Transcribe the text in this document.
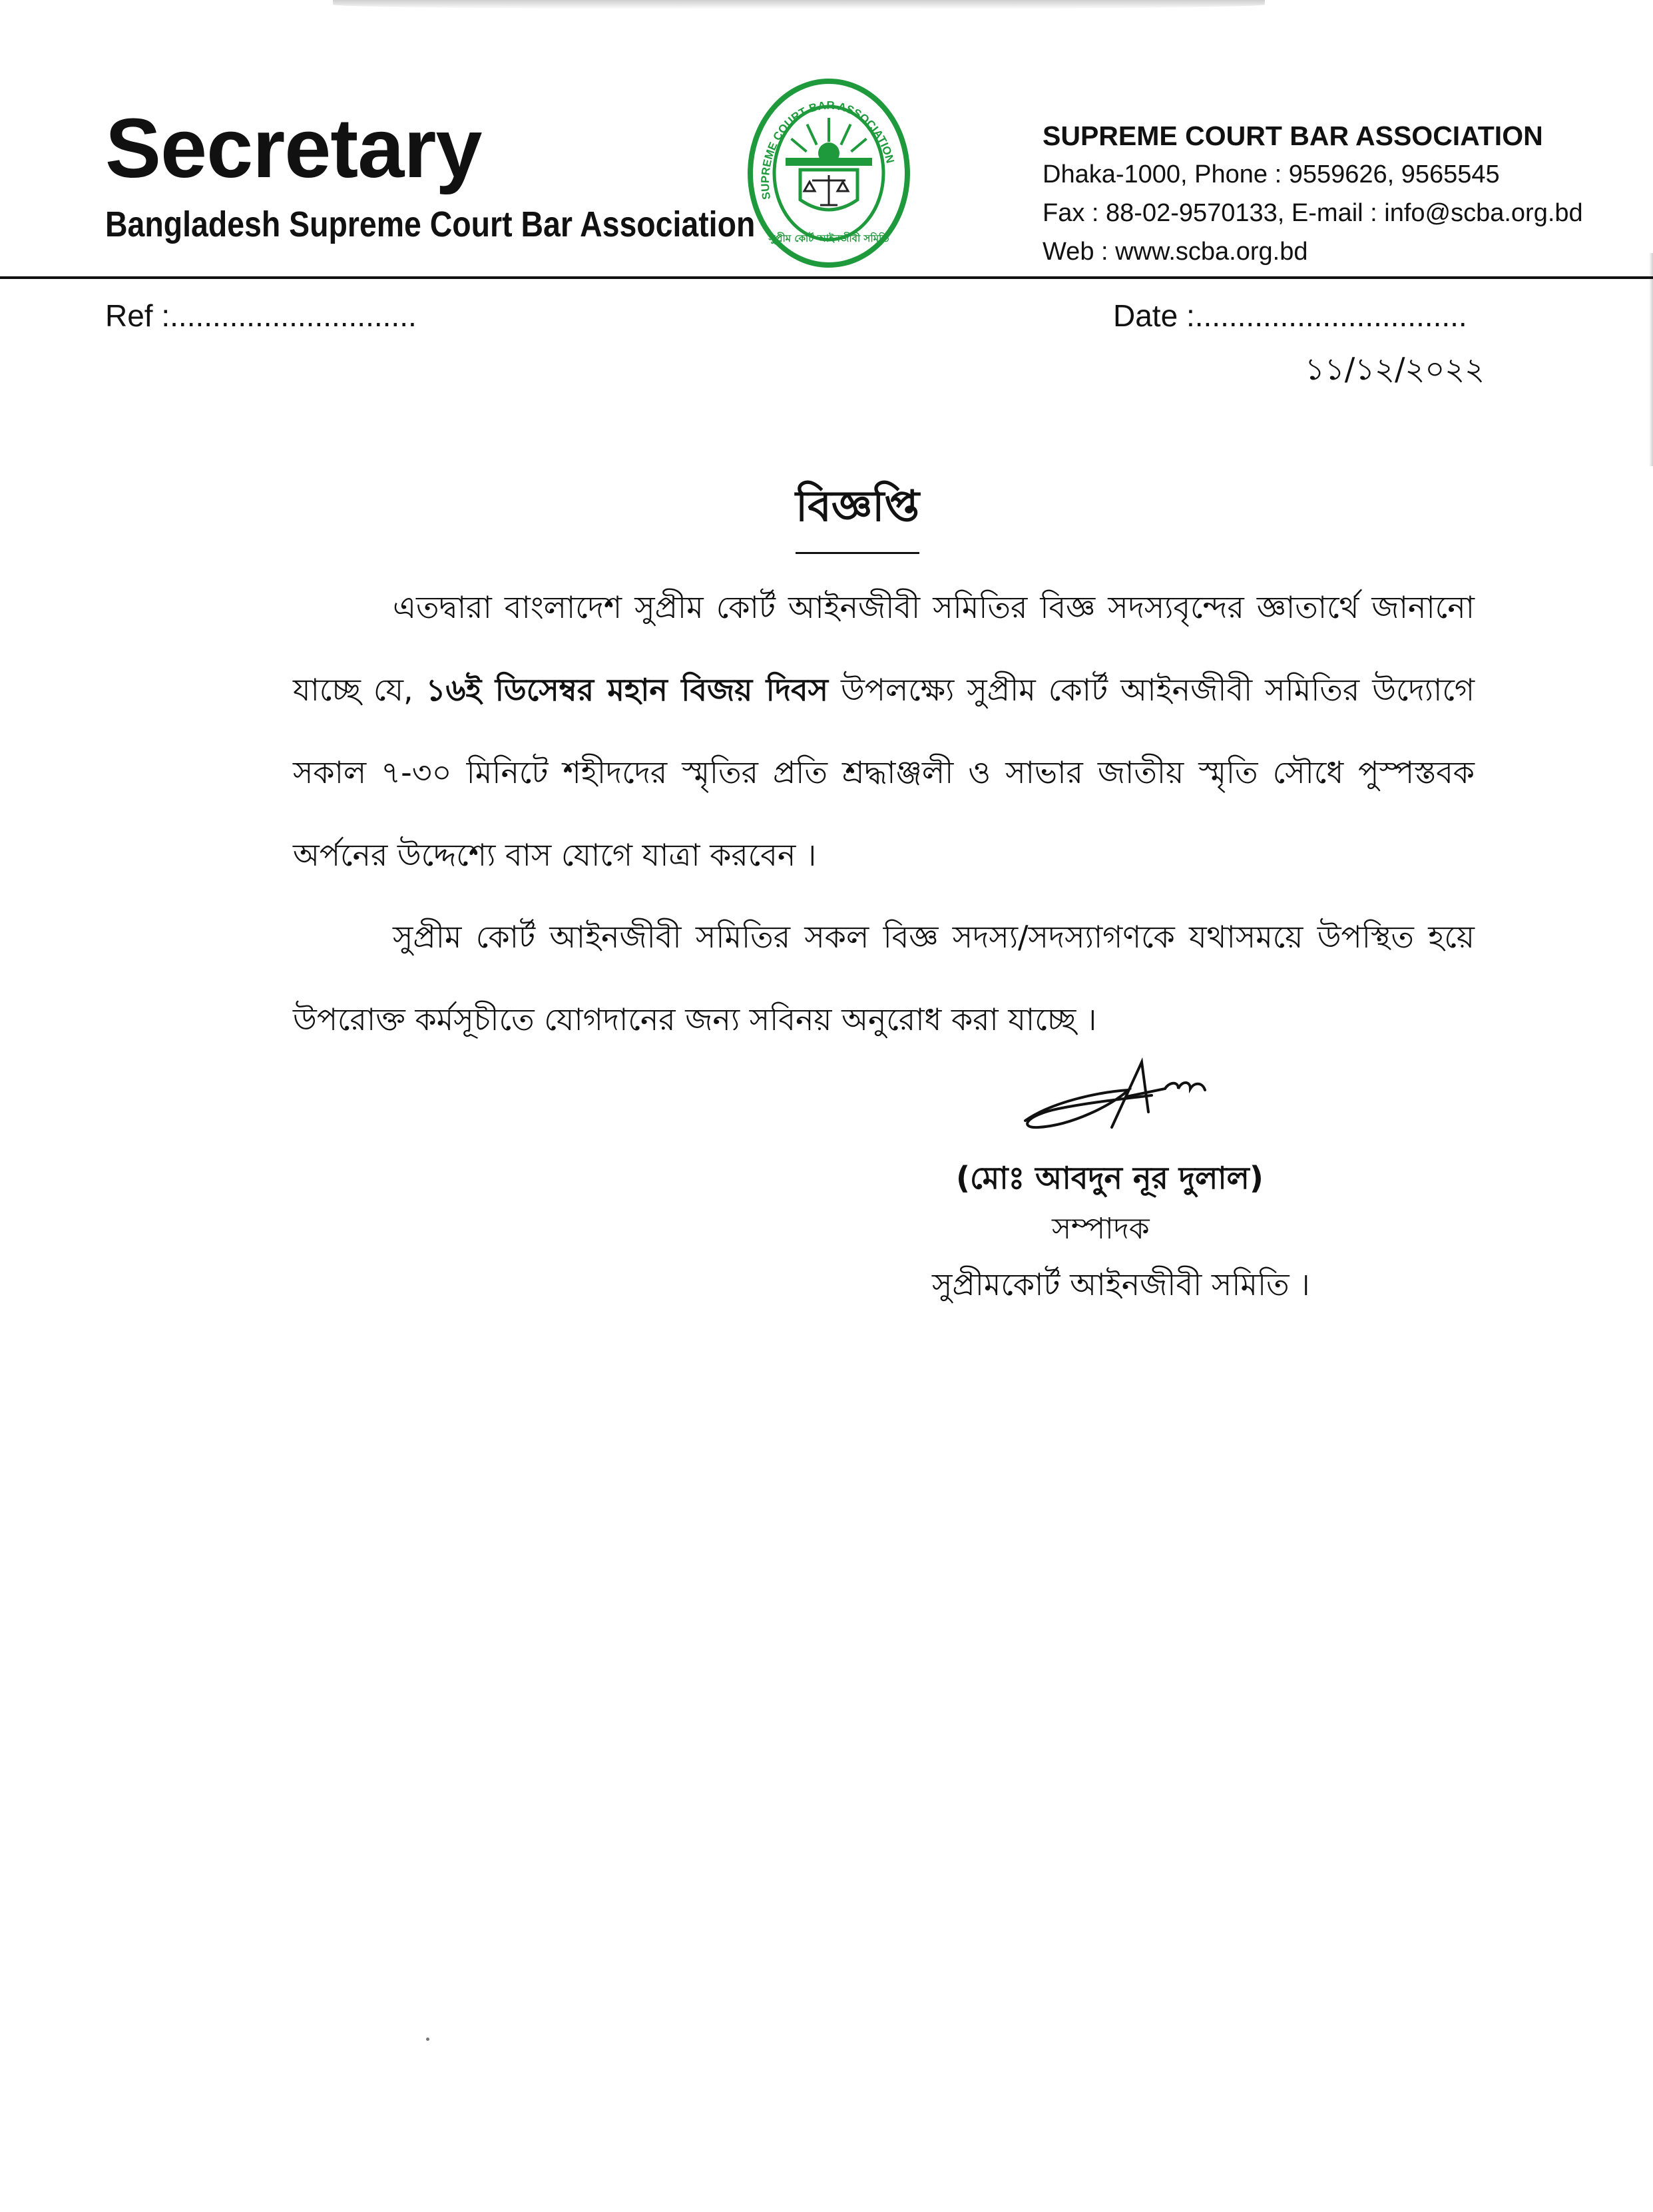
Secretary
Bangladesh Supreme Court Bar Association
SUPREME COURT BAR ASSOCIATION
সুপ্রীম কোর্ট আইনজীবী সমিতি
SUPREME COURT BAR ASSOCIATION
Dhaka-1000, Phone : 9559626, 9565545
Fax : 88-02-9570133, E-mail : info@scba.org.bd
Web : www.scba.org.bd
Ref :.............................	Date :................................
১১/১২/২০২২
বিজ্ঞপ্তি
এতদ্বারা বাংলাদেশ সুপ্রীম কোর্ট আইনজীবী সমিতির বিজ্ঞ সদস্যবৃন্দের জ্ঞাতার্থে জানানো যাচ্ছে যে, ১৬ই ডিসেম্বর মহান বিজয় দিবস উপলক্ষ্যে সুপ্রীম কোর্ট আইনজীবী সমিতির উদ্যোগে সকাল ৭-৩০ মিনিটে শহীদদের স্মৃতির প্রতি শ্রদ্ধাঞ্জলী ও সাভার জাতীয় স্মৃতি সৌধে পুস্পস্তবক অর্পনের উদ্দেশ্যে বাস যোগে যাত্রা করবেন ।
সুপ্রীম কোর্ট আইনজীবী সমিতির সকল বিজ্ঞ সদস্য/সদস্যাগণকে যথাসময়ে উপস্থিত হয়ে উপরোক্ত কর্মসূচীতে যোগদানের জন্য সবিনয় অনুরোধ করা যাচ্ছে ।
(মোঃ আবদুন নূর দুলাল)
সম্পাদক
সুপ্রীমকোর্ট আইনজীবী সমিতি ।
